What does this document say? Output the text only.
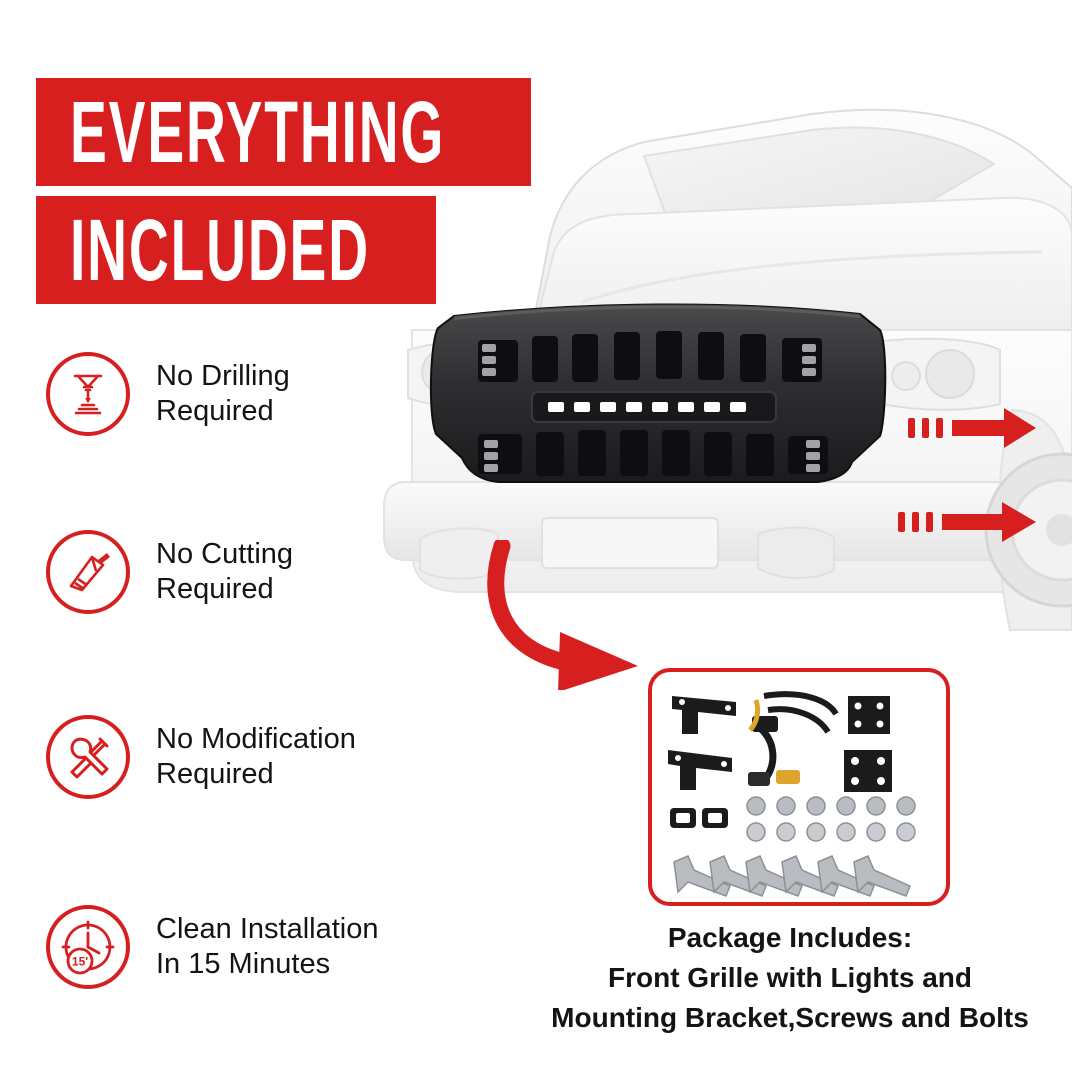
EVERYTHING
INCLUDED
Package Includes:
Front Grille with Lights and
Mounting Bracket,Screws and Bolts
No Drilling
Required
No Cutting
Required
No Modification
Required
15'
Clean Installation
In 15 Minutes
